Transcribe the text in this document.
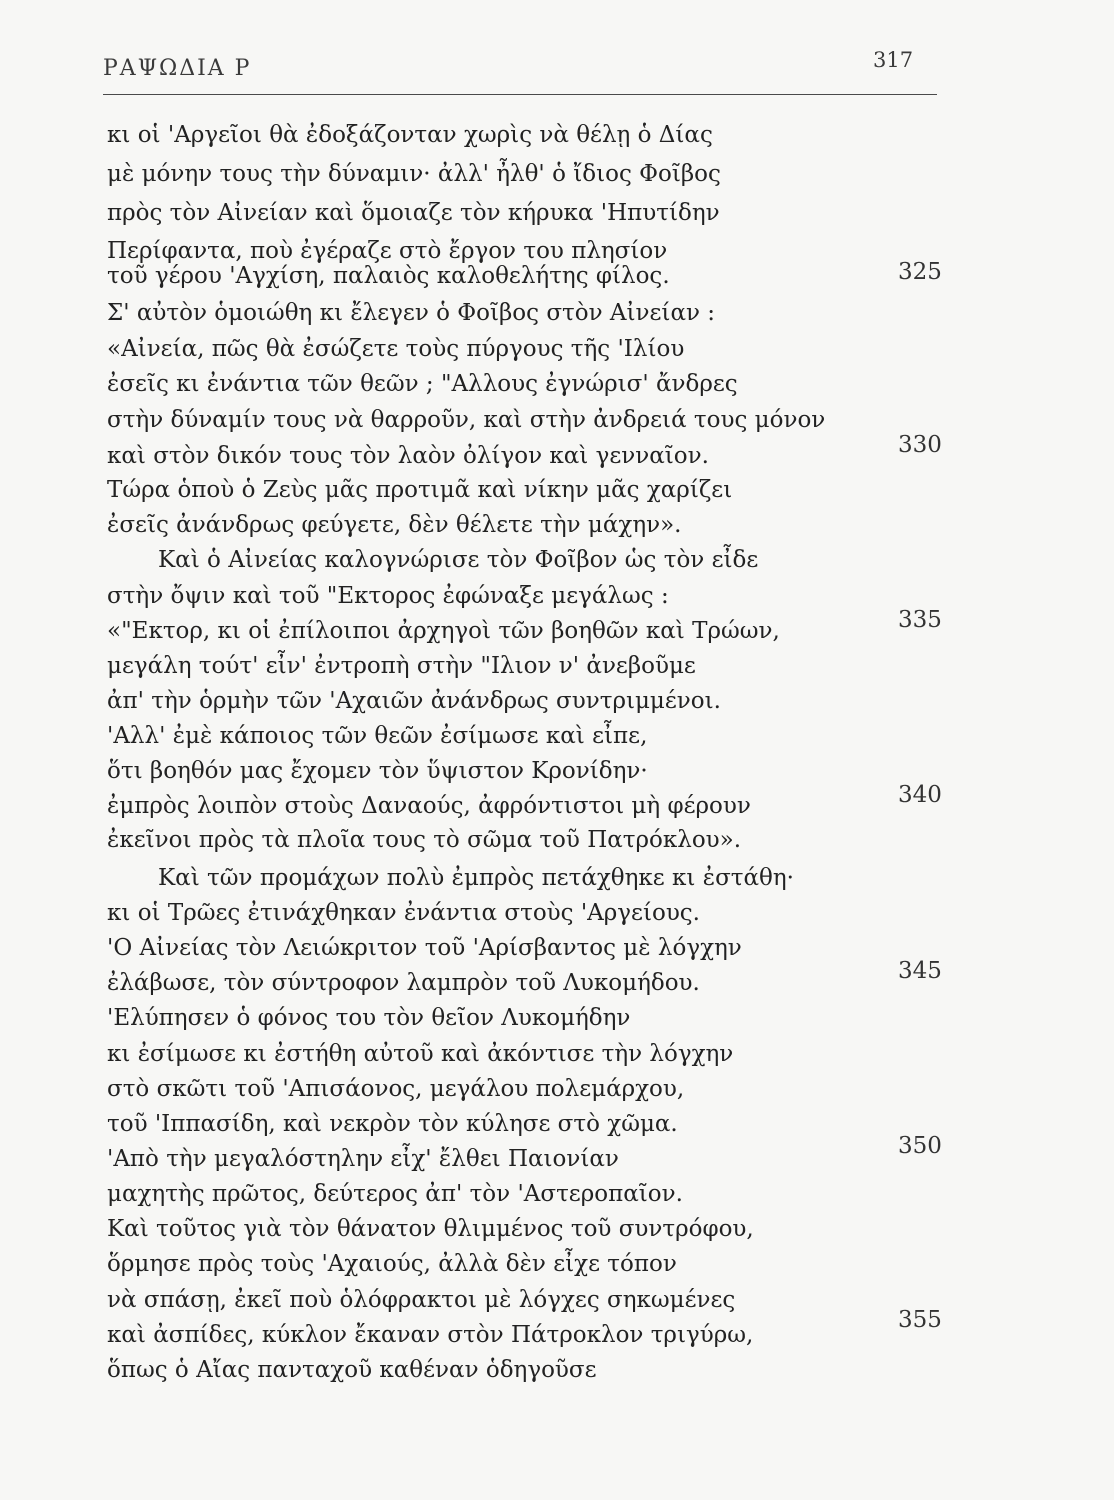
ΡΑΨΩΔΙΑ Ρ	317
κι οἱ 'Αργεῖοι θὰ ἐδοξάζονταν χωρὶς νὰ θέλῃ ὁ Δίας
μὲ μόνην τους τὴν δύναμιν· ἀλλ' ἦλθ' ὁ ἴδιος Φοῖβος
πρὸς τὸν Αἰνείαν καὶ ὅμοιαζε τὸν κήρυκα 'Ηπυτίδην
Περίφαντα, ποὺ ἐγέραζε στὸ ἔργον του πλησίον
τοῦ γέρου 'Αγχίση, παλαιὸς καλοθελήτης φίλος.
Σ' αὐτὸν ὁμοιώθη κι ἔλεγεν ὁ Φοῖβος στὸν Αἰνείαν :
«Αἰνεία, πῶς θὰ ἐσώζετε τοὺς πύργους τῆς 'Ιλίου
ἐσεῖς κι ἐνάντια τῶν θεῶν ; "Αλλους ἐγνώρισ' ἄνδρες
στὴν δύναμίν τους νὰ θαρροῦν, καὶ στὴν ἀνδρειά τους μόνον
καὶ στὸν δικόν τους τὸν λαὸν ὀλίγον καὶ γενναῖον.
Τώρα ὁποὺ ὁ Ζεὺς μᾶς προτιμᾶ καὶ νίκην μᾶς χαρίζει
ἐσεῖς ἀνάνδρως φεύγετε, δὲν θέλετε τὴν μάχην».
Καὶ ὁ Αἰνείας καλογνώρισε τὸν Φοῖβον ὡς τὸν εἶδε
στὴν ὄψιν καὶ τοῦ "Εκτορος ἐφώναξε μεγάλως :
«"Εκτορ, κι οἱ ἐπίλοιποι ἀρχηγοὶ τῶν βοηθῶν καὶ Τρώων,
μεγάλη τούτ' εἶν' ἐντροπὴ στὴν "Ιλιον ν' ἀνεβοῦμε
ἀπ' τὴν ὁρμὴν τῶν 'Αχαιῶν ἀνάνδρως συντριμμένοι.
'Αλλ' ἐμὲ κάποιος τῶν θεῶν ἐσίμωσε καὶ εἶπε,
ὅτι βοηθόν μας ἔχομεν τὸν ὕψιστον Κρονίδην·
ἐμπρὸς λοιπὸν στοὺς Δαναούς, ἀφρόντιστοι μὴ φέρουν
ἐκεῖνοι πρὸς τὰ πλοῖα τους τὸ σῶμα τοῦ Πατρόκλου».
Καὶ τῶν προμάχων πολὺ ἐμπρὸς πετάχθηκε κι ἐστάθη·
κι οἱ Τρῶες ἐτινάχθηκαν ἐνάντια στοὺς 'Αργείους.
'Ο Αἰνείας τὸν Λειώκριτον τοῦ 'Αρίσβαντος μὲ λόγχην
ἐλάβωσε, τὸν σύντροφον λαμπρὸν τοῦ Λυκομήδου.
'Ελύπησεν ὁ φόνος του τὸν θεῖον Λυκομήδην
κι ἐσίμωσε κι ἐστήθη αὐτοῦ καὶ ἀκόντισε τὴν λόγχην
στὸ σκῶτι τοῦ 'Απισάονος, μεγάλου πολεμάρχου,
τοῦ 'Ιππασίδη, καὶ νεκρὸν τὸν κύλησε στὸ χῶμα.
'Απὸ τὴν μεγαλόστηλην εἶχ' ἔλθει Παιονίαν
μαχητὴς πρῶτος, δεύτερος ἀπ' τὸν 'Αστεροπαῖον.
Καὶ τοῦτος γιὰ τὸν θάνατον θλιμμένος τοῦ συντρόφου,
ὅρμησε πρὸς τοὺς 'Αχαιούς, ἀλλὰ δὲν εἶχε τόπον
νὰ σπάσῃ, ἐκεῖ ποὺ ὁλόφρακτοι μὲ λόγχες σηκωμένες
καὶ ἀσπίδες, κύκλον ἔκαναν στὸν Πάτροκλον τριγύρω,
ὅπως ὁ Αἴας πανταχοῦ καθέναν ὁδηγοῦσε
325
330
335
340
345
350
355
